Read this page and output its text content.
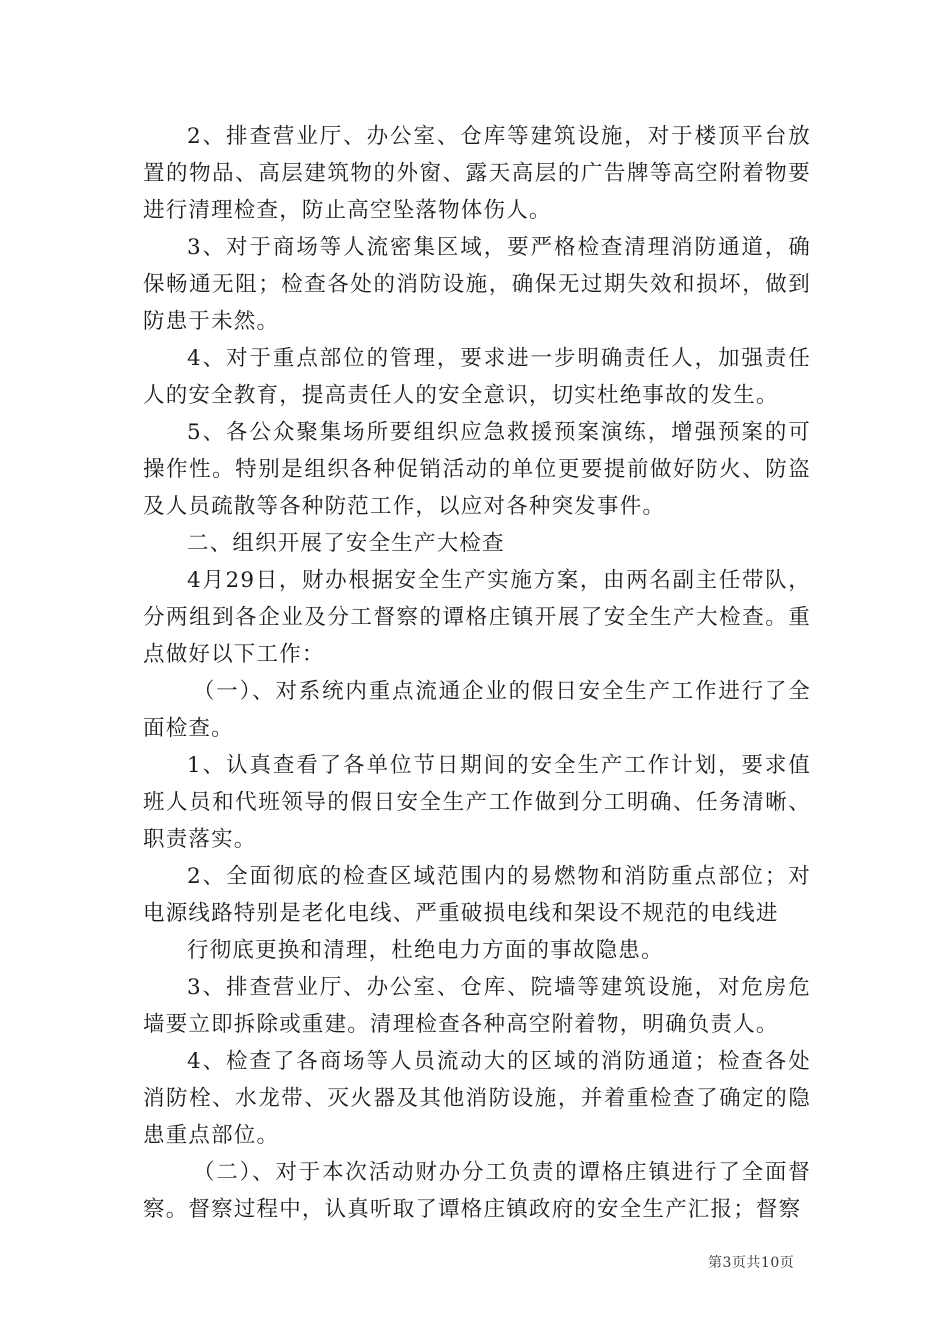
2、排查营业厅、办公室、仓库等建筑设施，对于楼顶平台放置的物品、高层建筑物的外窗、露天高层的广告牌等高空附着物要进行清理检查，防止高空坠落物体伤人。

3、对于商场等人流密集区域，要严格检查清理消防通道，确保畅通无阻；检查各处的消防设施，确保无过期失效和损坏，做到防患于未然。

4、对于重点部位的管理，要求进一步明确责任人，加强责任人的安全教育，提高责任人的安全意识，切实杜绝事故的发生。

5、各公众聚集场所要组织应急救援预案演练，增强预案的可操作性。特别是组织各种促销活动的单位更要提前做好防火、防盗及人员疏散等各种防范工作，以应对各种突发事件。

二、组织开展了安全生产大检查

4月29日，财办根据安全生产实施方案，由两名副主任带队，分两组到各企业及分工督察的谭格庄镇开展了安全生产大检查。重点做好以下工作：

（一）、对系统内重点流通企业的假日安全生产工作进行了全面检查。

1、认真查看了各单位节日期间的安全生产工作计划，要求值班人员和代班领导的假日安全生产工作做到分工明确、任务清晰、职责落实。

2、全面彻底的检查区域范围内的易燃物和消防重点部位；对电源线路特别是老化电线、严重破损电线和架设不规范的电线进

行彻底更换和清理，杜绝电力方面的事故隐患。

3、排查营业厅、办公室、仓库、院墙等建筑设施，对危房危墙要立即拆除或重建。清理检查各种高空附着物，明确负责人。

4、检查了各商场等人员流动大的区域的消防通道；检查各处消防栓、水龙带、灭火器及其他消防设施，并着重检查了确定的隐患重点部位。

（二）、对于本次活动财办分工负责的谭格庄镇进行了全面督察。督察过程中，认真听取了谭格庄镇政府的安全生产汇报；督察

第3页共10页
